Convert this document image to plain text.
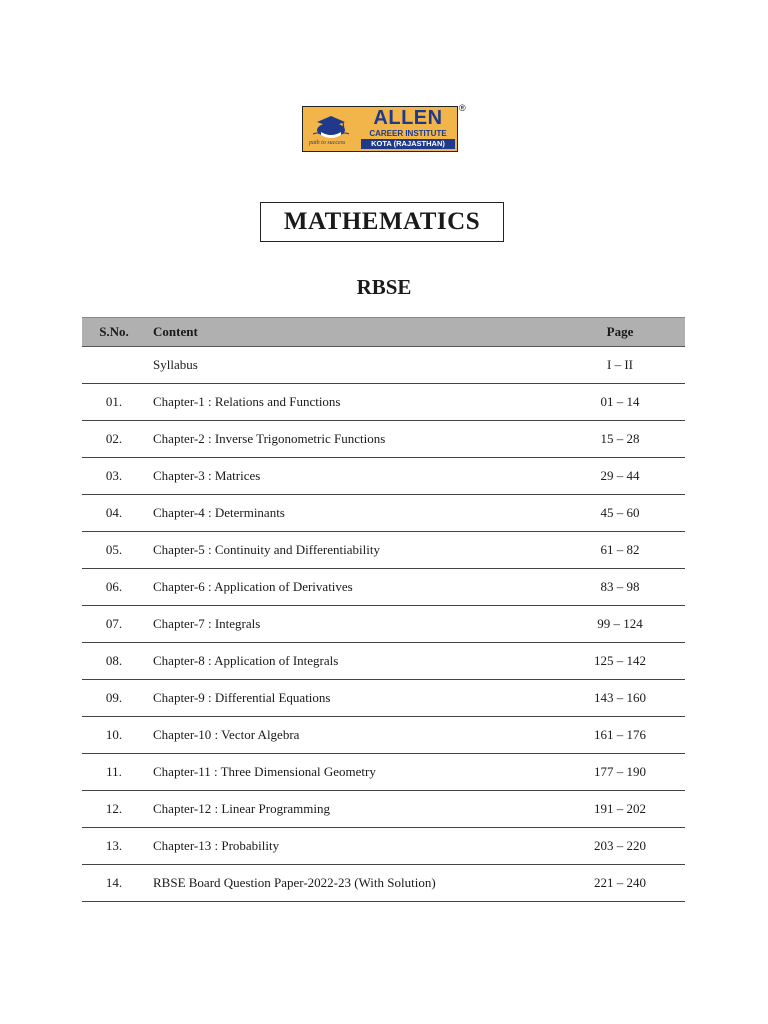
path to success
ALLEN
CAREER INSTITUTE
KOTA (RAJASTHAN)
®
MATHEMATICS
RBSE
S.No.	Content	Page
	Syllabus	I – II
01.	Chapter-1 : Relations and Functions	01 – 14
02.	Chapter-2 : Inverse Trigonometric Functions	15 – 28
03.	Chapter-3 : Matrices	29 – 44
04.	Chapter-4 : Determinants	45 – 60
05.	Chapter-5 : Continuity and Differentiability	61 – 82
06.	Chapter-6 : Application of Derivatives	83 – 98
07.	Chapter-7 : Integrals	99 – 124
08.	Chapter-8 : Application of Integrals	125 – 142
09.	Chapter-9 : Differential Equations	143 – 160
10.	Chapter-10 : Vector Algebra	161 – 176
11.	Chapter-11 : Three Dimensional Geometry	177 – 190
12.	Chapter-12 : Linear Programming	191 – 202
13.	Chapter-13 : Probability	203 – 220
14.	RBSE Board Question Paper-2022-23 (With Solution)	221 – 240
